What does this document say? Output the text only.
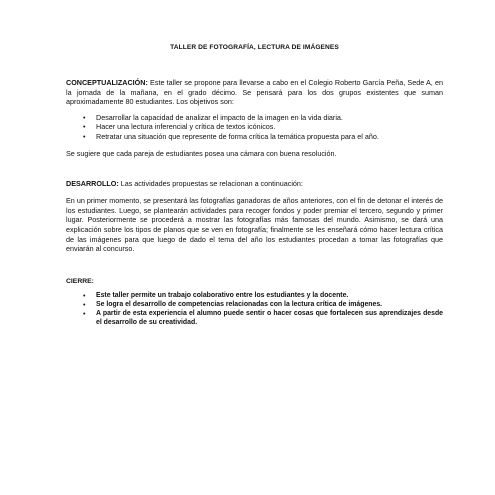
TALLER DE FOTOGRAFÍA, LECTURA DE IMÁGENES

CONCEPTUALIZACIÓN: Este taller se propone para llevarse a cabo en el Colegio Roberto García Peña, Sede A, en la jornada de la mañana, en el grado décimo. Se pensará para los dos grupos existentes que suman aproximadamente 80 estudiantes. Los objetivos son:

• Desarrollar la capacidad de analizar el impacto de la imagen en la vida diaria.
• Hacer una lectura inferencial y crítica de textos icónicos.
• Retratar una situación que represente de forma crítica la temática propuesta para el año.

Se sugiere que cada pareja de estudiantes posea una cámara con buena resolución.

DESARROLLO: Las actividades propuestas se relacionan a continuación:

En un primer momento, se presentará las fotografías ganadoras de años anteriores, con el fin de detonar el interés de los estudiantes. Luego, se plantearán actividades para recoger fondos y poder premiar el tercero, segundo y primer lugar. Posteriormente se procederá a mostrar las fotografías más famosas del mundo. Asimismo, se dará una explicación sobre los tipos de planos que se ven en fotografía; finalmente se les enseñará cómo hacer lectura crítica de las imágenes para que luego de dado el tema del año los estudiantes procedan a tomar las fotografías que enviarán al concurso.

CIERRE:
• Este taller permite un trabajo colaborativo entre los estudiantes y la docente.
• Se logra el desarrollo de competencias relacionadas con la lectura crítica de imágenes.
• A partir de esta experiencia el alumno puede sentir o hacer cosas que fortalecen sus aprendizajes desde el desarrollo de su creatividad.
